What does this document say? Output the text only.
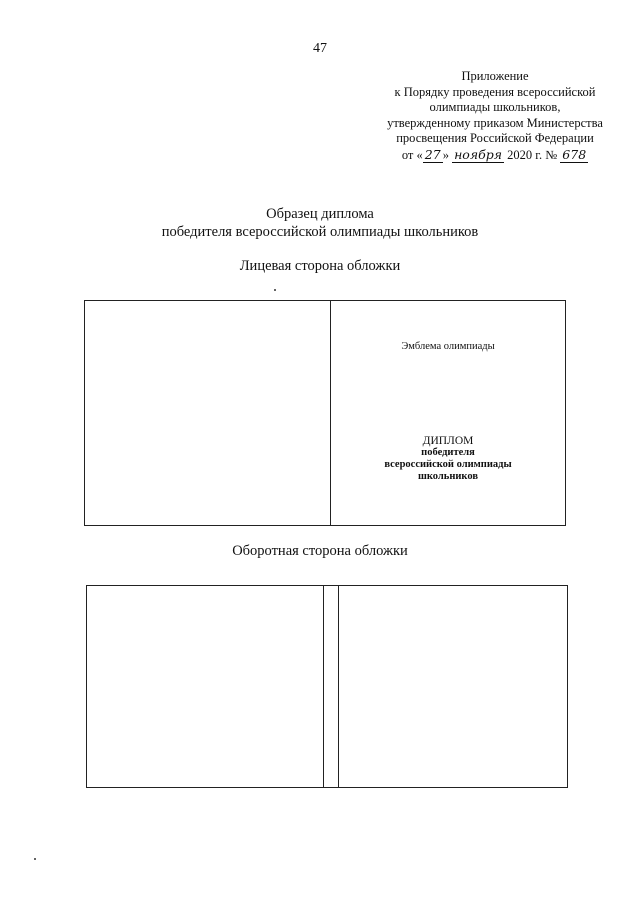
47
Приложение
к Порядку проведения всероссийской
олимпиады школьников,
утвержденному приказом Министерства
просвещения Российской Федерации
от « 27 » ноября 2020 г. № 678
Образец диплома
победителя всероссийской олимпиады школьников
Лицевая сторона обложки
Эмблема олимпиады
ДИПЛОМ
победителя
всероссийской олимпиады
школьников
Оборотная сторона обложки
